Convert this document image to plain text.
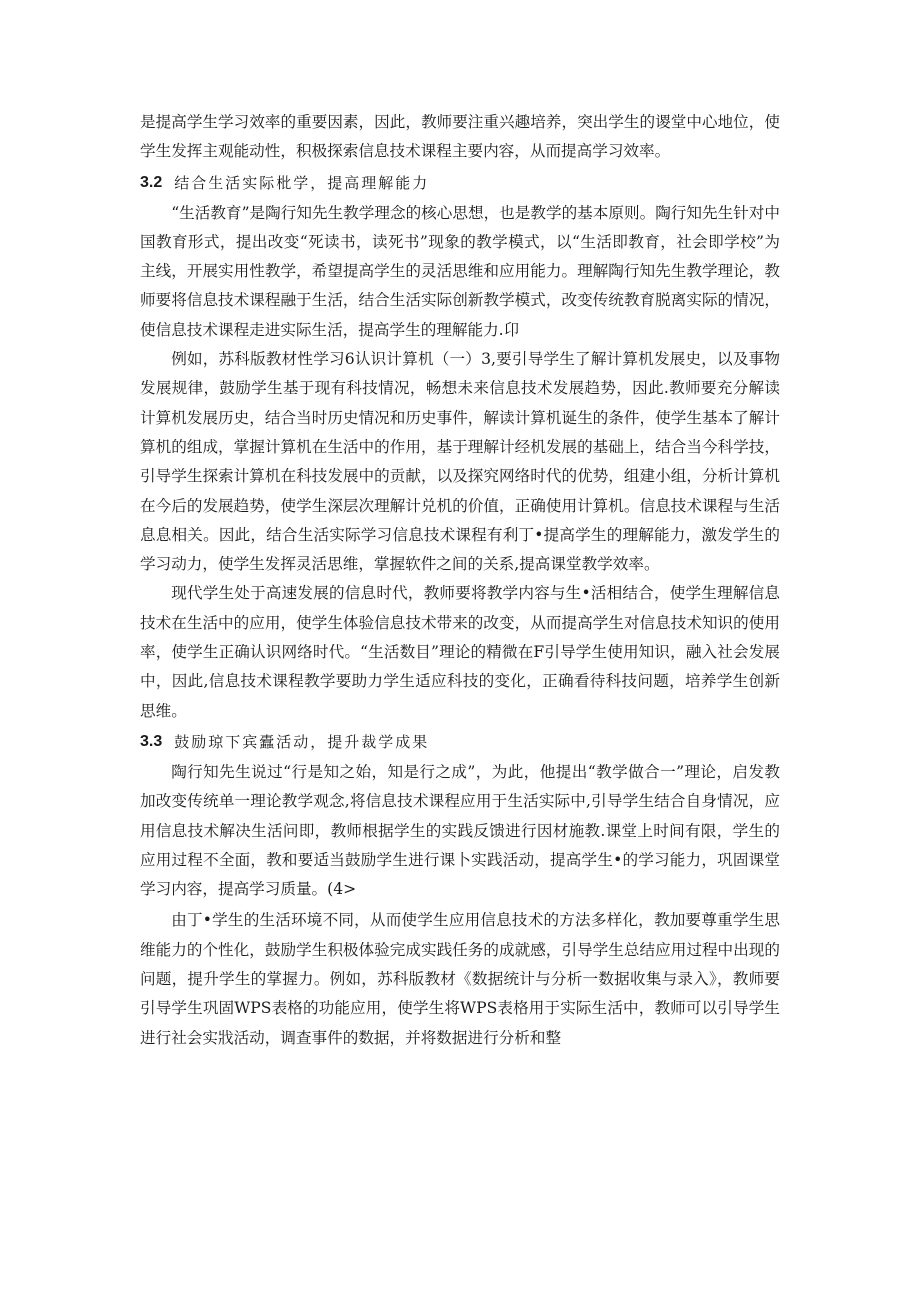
是提高学生学习效率的重要因素，因此，教师要注重兴趣培养，突出学生的谡堂中心地位，使学生发挥主观能动性，积极探索信息技术课程主要内容，从而提高学习效率。

3.2 结合生活实际枇学，提高理解能力

“生活教育”是陶行知先生教学理念的核心思想，也是教学的基本原则。陶行知先生针对中国教育形式，提出改变“死读书，读死书”现象的教学模式，以“生活即教育，社会即学校”为主线，开展实用性教学，希望提高学生的灵活思维和应用能力。理解陶行知先生教学理论，教师要将信息技术课程融于生活，结合生活实际创新教学模式，改变传统教育脱离实际的情况，使信息技术课程走进实际生活，提高学生的理解能力.卬

例如，苏科版教材性学习6认识计算机（一）3,要引导学生了解计算机发展史，以及事物发展规律，鼓励学生基于现有科技情况，畅想未来信息技术发展趋势，因此.教师要充分解读计算机发展历史，结合当时历史情况和历史事件，解读计算机诞生的条件，使学生基本了解计算机的组成，掌握计算机在生活中的作用，基于理解计经机发展的基础上，结合当今科学技，引导学生探索计算机在科技发展中的贡献，以及探究网络时代的优势，组建小组，分析计算机在今后的发展趋势，使学生深层次理解计兑机的价值，正确使用计算机。信息技术课程与生活息息相关。因此，结合生活实际学习信息技术课程有利丁•提高学生的理解能力，激发学生的学习动力，使学生发挥灵活思维，掌握软件之间的关系,提高课堂教学效率。

现代学生处于高速发展的信息时代，教师要将教学内容与生•活相结合，使学生理解信息技术在生活中的应用，使学生体验信息技术带来的改变，从而提高学生对信息技术知识的使用率，使学生正确认识网络时代。“生活数目”理论的精微在F引导学生使用知识，融入社会发展中，因此,信息技术课程教学要助力学生适应科技的变化，正确看待科技问题，培养学生创新思维。

3.3 鼓励琼下宾蠹活动，提升裁学成果

陶行知先生说过“行是知之始，知是行之成”，为此，他提出“教学做合一”理论，启发教加改变传统单一理论教学观念,将信息技术课程应用于生活实际中,引导学生结合自身情况，应用信息技术解决生活问即，教师根据学生的实践反馈进行因材施教.课堂上时间有限，学生的应用过程不全面，教和要适当鼓励学生进行课卜实践活动，提高学生•的学习能力，巩固课堂学习内容，提高学习质量。(4>

由丁•学生的生活环境不同，从而使学生应用信息技术的方法多样化，教加要尊重学生思维能力的个性化，鼓励学生积极体验完成实践任务的成就感，引导学生总结应用过程中出现的问题，提升学生的掌握力。例如，苏科版教材《数据统计与分析一数据收集与录入》，教师要引导学生巩固WPS表格的功能应用，使学生将WPS表格用于实际生活中，教师可以引导学生进行社会实戕活动，调查事件的数据，并将数据进行分析和整
